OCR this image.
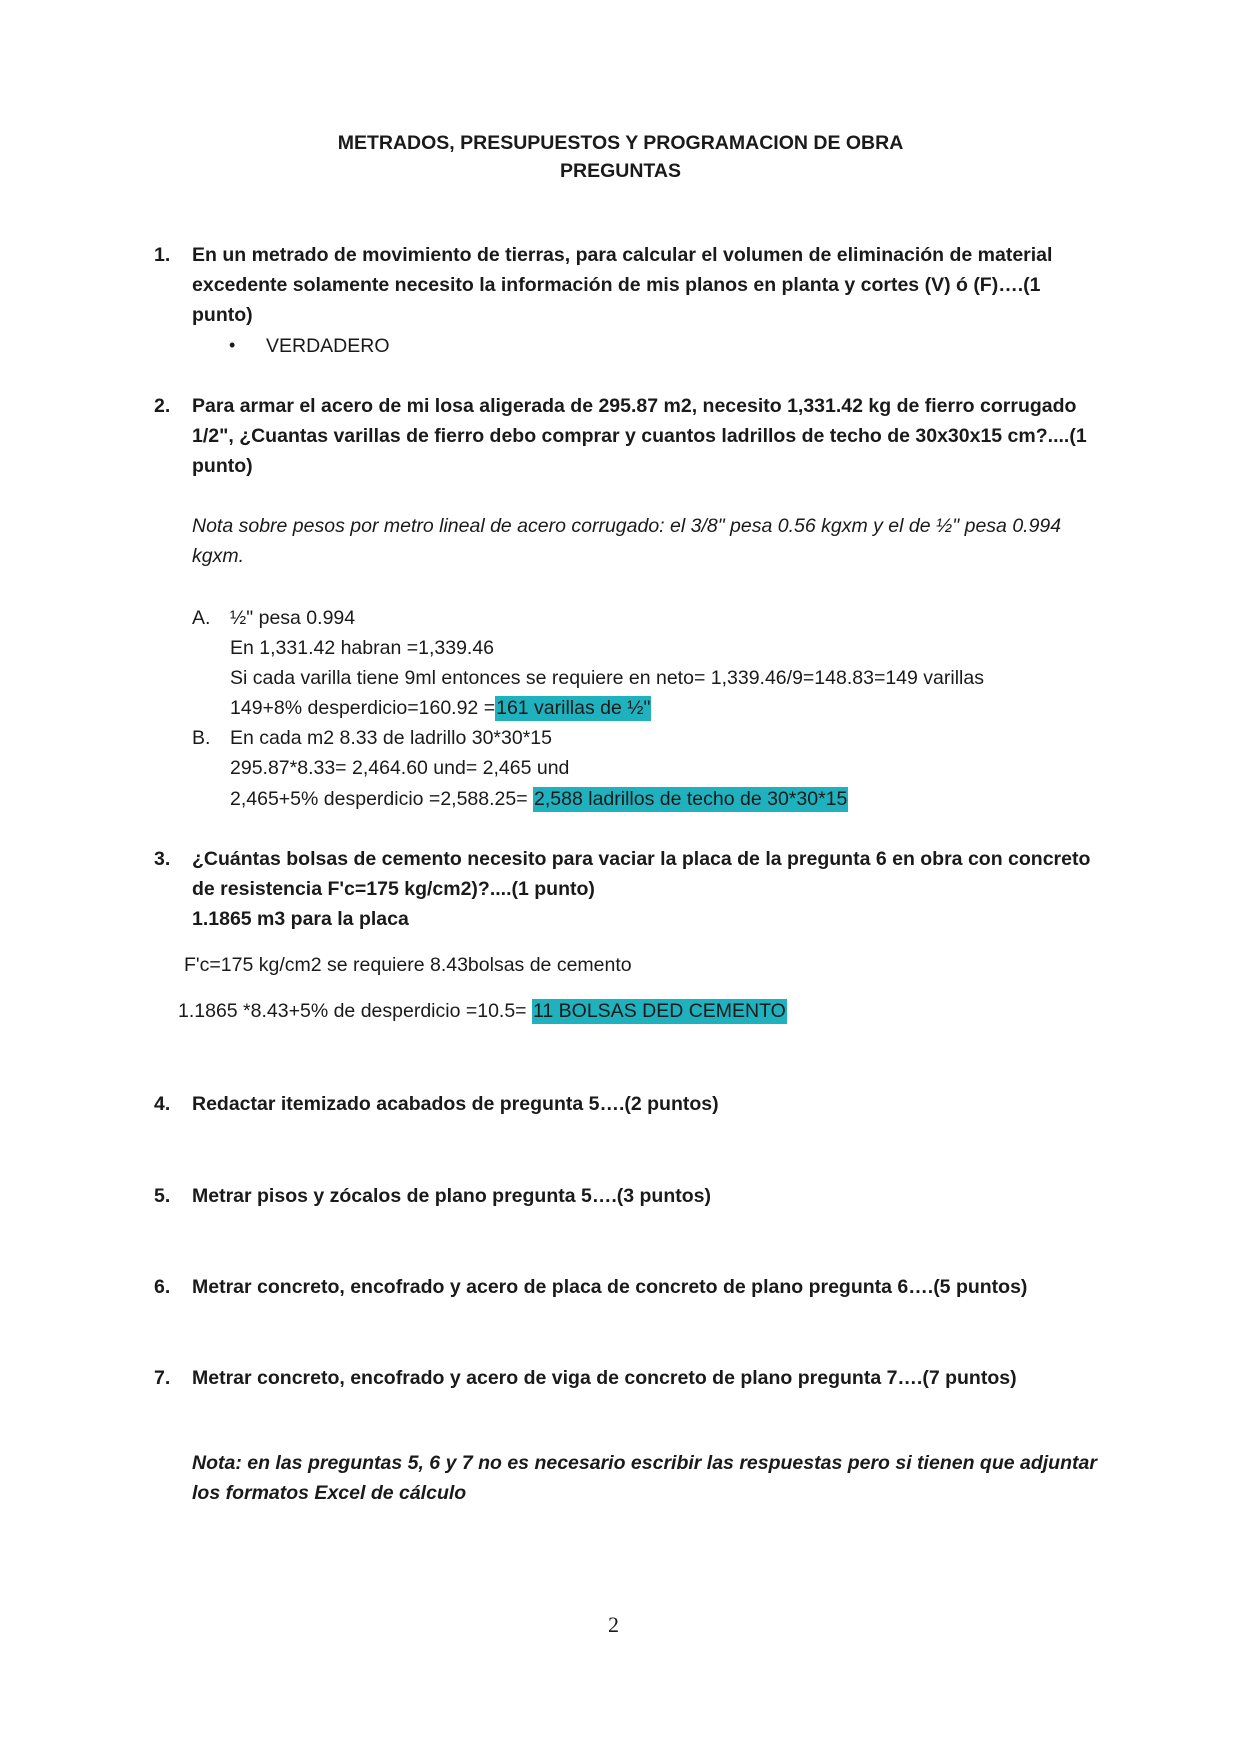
METRADOS, PRESUPUESTOS Y PROGRAMACION DE OBRA
PREGUNTAS
1. En un metrado de movimiento de tierras, para calcular el volumen de eliminación de material
excedente solamente necesito la información de mis planos en planta y cortes (V) ó (F)….(1
punto)
• VERDADERO
2. Para armar el acero de mi losa aligerada de 295.87 m2, necesito 1,331.42 kg de fierro corrugado
1/2", ¿Cuantas varillas de fierro debo comprar y cuantos ladrillos de techo de 30x30x15 cm?....(1
punto)
Nota sobre pesos por metro lineal de acero corrugado: el 3/8" pesa 0.56 kgxm y el de ½" pesa 0.994
kgxm.
A. ½" pesa 0.994
En 1,331.42 habran =1,339.46
Si cada varilla tiene 9ml entonces se requiere en neto= 1,339.46/9=148.83=149 varillas
149+8% desperdicio=160.92 =161 varillas de ½"
B. En cada m2 8.33 de ladrillo 30*30*15
295.87*8.33= 2,464.60 und= 2,465 und
2,465+5% desperdicio =2,588.25= 2,588 ladrillos de techo de 30*30*15
3. ¿Cuántas bolsas de cemento necesito para vaciar la placa de la pregunta 6 en obra con concreto
de resistencia F'c=175 kg/cm2)?....(1 punto)
1.1865 m3 para la placa
F'c=175 kg/cm2 se requiere 8.43bolsas de cemento
1.1865 *8.43+5% de desperdicio =10.5= 11 BOLSAS DED CEMENTO
4. Redactar itemizado acabados de pregunta 5….(2 puntos)
5. Metrar pisos y zócalos de plano pregunta 5….(3 puntos)
6. Metrar concreto, encofrado y acero de placa de concreto de plano pregunta 6….(5 puntos)
7. Metrar concreto, encofrado y acero de viga de concreto de plano pregunta 7….(7 puntos)
Nota: en las preguntas 5, 6 y 7 no es necesario escribir las respuestas pero si tienen que adjuntar
los formatos Excel de cálculo
2
